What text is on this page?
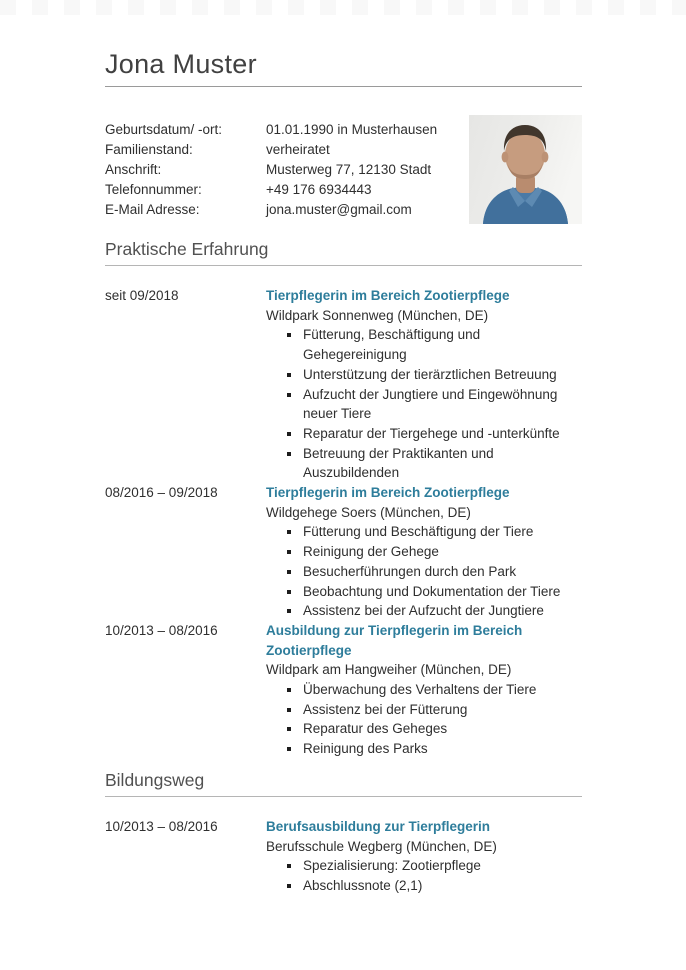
Jona Muster
Geburtsdatum/ -ort:	01.01.1990 in Musterhausen
Familienstand:	verheiratet
Anschrift:	Musterweg 77, 12130 Stadt
Telefonnummer:	+49 176 6934443
E-Mail Adresse:	jona.muster@gmail.com
Praktische Erfahrung
seit 09/2018	Tierpflegerin im Bereich Zootierpflege
Wildpark Sonnenweg (München, DE)
Fütterung, Beschäftigung und Gehegereinigung
Unterstützung der tierärztlichen Betreuung
Aufzucht der Jungtiere und Eingewöhnung neuer Tiere
Reparatur der Tiergehege und -unterkünfte
Betreuung der Praktikanten und Auszubildenden
08/2016 – 09/2018	Tierpflegerin im Bereich Zootierpflege
Wildgehege Soers (München, DE)
Fütterung und Beschäftigung der Tiere
Reinigung der Gehege
Besucherführungen durch den Park
Beobachtung und Dokumentation der Tiere
Assistenz bei der Aufzucht der Jungtiere
10/2013 – 08/2016	Ausbildung zur Tierpflegerin im Bereich Zootierpflege
Wildpark am Hangweiher (München, DE)
Überwachung des Verhaltens der Tiere
Assistenz bei der Fütterung
Reparatur des Geheges
Reinigung des Parks
Bildungsweg
10/2013 – 08/2016	Berufsausbildung zur Tierpflegerin
Berufsschule Wegberg (München, DE)
Spezialisierung: Zootierpflege
Abschlussnote (2,1)
